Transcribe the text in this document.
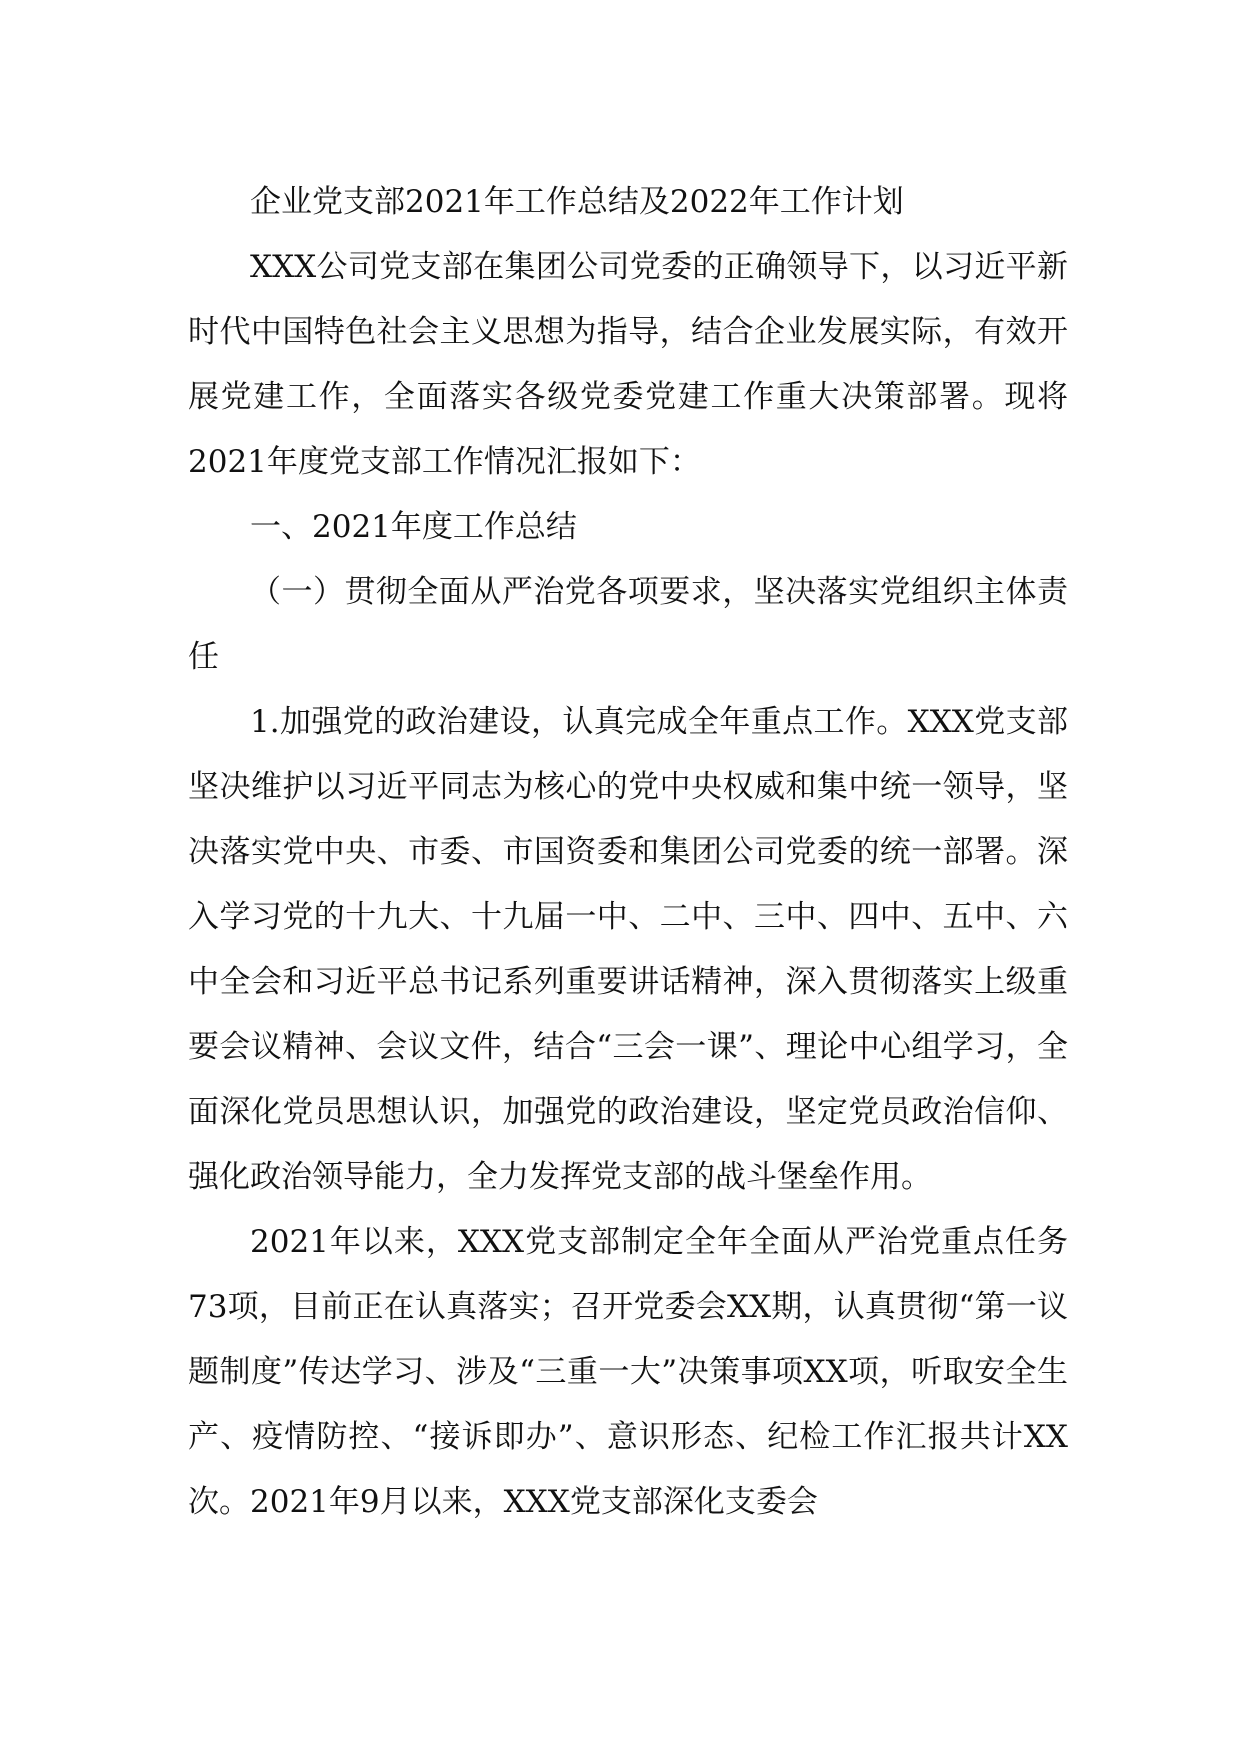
企业党支部2021年工作总结及2022年工作计划

XXX公司党支部在集团公司党委的正确领导下，以习近平新时代中国特色社会主义思想为指导，结合企业发展实际，有效开展党建工作，全面落实各级党委党建工作重大决策部署。现将2021年度党支部工作情况汇报如下：

一、2021年度工作总结

（一）贯彻全面从严治党各项要求，坚决落实党组织主体责任

1.加强党的政治建设，认真完成全年重点工作。XXX党支部坚决维护以习近平同志为核心的党中央权威和集中统一领导，坚决落实党中央、市委、市国资委和集团公司党委的统一部署。深入学习党的十九大、十九届一中、二中、三中、四中、五中、六中全会和习近平总书记系列重要讲话精神，深入贯彻落实上级重要会议精神、会议文件，结合“三会一课”、理论中心组学习，全面深化党员思想认识，加强党的政治建设，坚定党员政治信仰、强化政治领导能力，全力发挥党支部的战斗堡垒作用。

2021年以来，XXX党支部制定全年全面从严治党重点任务73项，目前正在认真落实；召开党委会XX期，认真贯彻“第一议题制度”传达学习、涉及“三重一大”决策事项XX项，听取安全生产、疫情防控、“接诉即办”、意识形态、纪检工作汇报共计XX次。2021年9月以来，XXX党支部深化支委会
